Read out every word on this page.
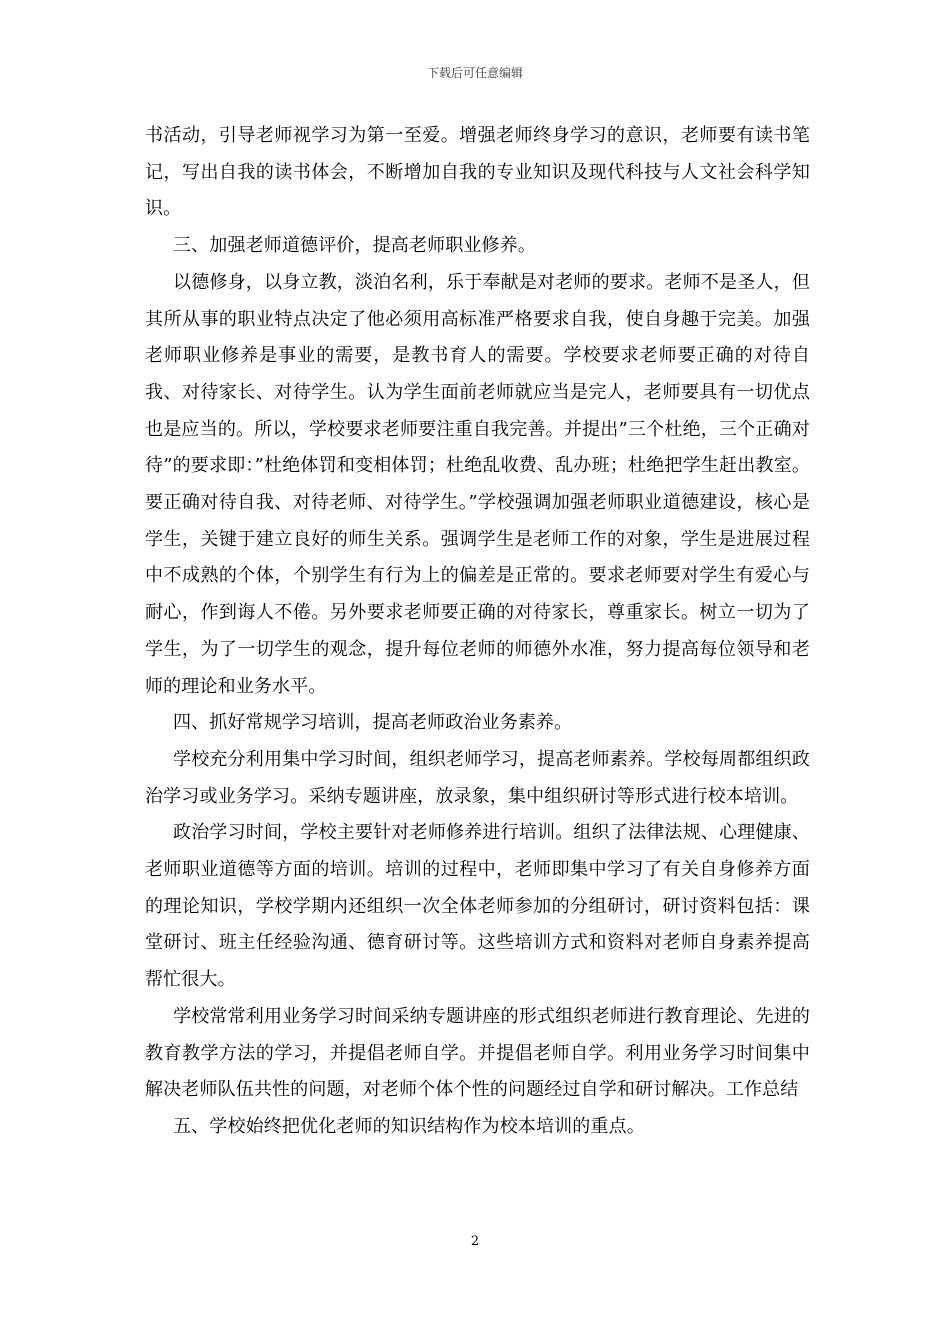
下载后可任意编辑

书活动，引导老师视学习为第一至爱。增强老师终身学习的意识，老师要有读书笔记，写出自我的读书体会，不断增加自我的专业知识及现代科技与人文社会科学知识。

三、加强老师道德评价，提高老师职业修养。

以德修身，以身立教，淡泊名利，乐于奉献是对老师的要求。老师不是圣人，但其所从事的职业特点决定了他必须用高标准严格要求自我，使自身趣于完美。加强老师职业修养是事业的需要，是教书育人的需要。学校要求老师要正确的对待自我、对待家长、对待学生。认为学生面前老师就应当是完人，老师要具有一切优点也是应当的。所以，学校要求老师要注重自我完善。并提出”三个杜绝，三个正确对待”的要求即：”杜绝体罚和变相体罚；杜绝乱收费、乱办班；杜绝把学生赶出教室。要正确对待自我、对待老师、对待学生。”学校强调加强老师职业道德建设，核心是学生，关键于建立良好的师生关系。强调学生是老师工作的对象，学生是进展过程中不成熟的个体，个别学生有行为上的偏差是正常的。要求老师要对学生有爱心与耐心，作到诲人不倦。另外要求老师要正确的对待家长，尊重家长。树立一切为了学生，为了一切学生的观念，提升每位老师的师德外水准，努力提高每位领导和老师的理论和业务水平。

四、抓好常规学习培训，提高老师政治业务素养。

学校充分利用集中学习时间，组织老师学习，提高老师素养。学校每周都组织政治学习或业务学习。采纳专题讲座，放录象，集中组织研讨等形式进行校本培训。

政治学习时间，学校主要针对老师修养进行培训。组织了法律法规、心理健康、老师职业道德等方面的培训。培训的过程中，老师即集中学习了有关自身修养方面的理论知识，学校学期内还组织一次全体老师参加的分组研讨，研讨资料包括：课堂研讨、班主任经验沟通、德育研讨等。这些培训方式和资料对老师自身素养提高帮忙很大。

学校常常利用业务学习时间采纳专题讲座的形式组织老师进行教育理论、先进的教育教学方法的学习，并提倡老师自学。并提倡老师自学。利用业务学习时间集中解决老师队伍共性的问题，对老师个体个性的问题经过自学和研讨解决。工作总结

五、学校始终把优化老师的知识结构作为校本培训的重点。

2
